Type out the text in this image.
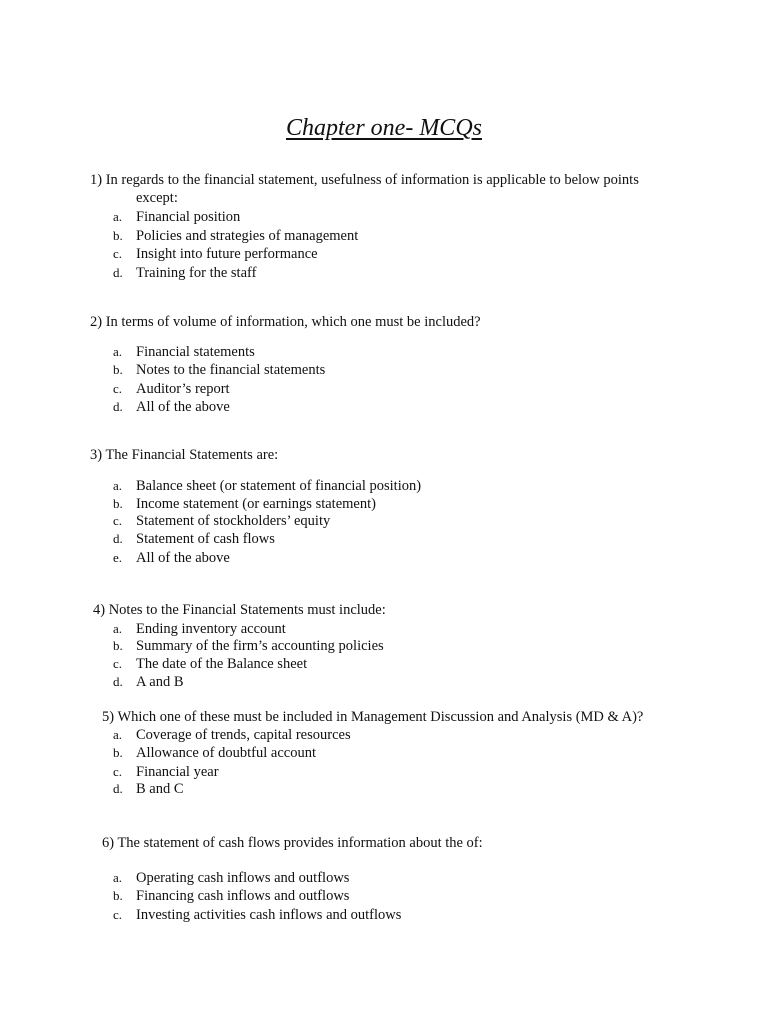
Chapter one- MCQs
1) In regards to the financial statement, usefulness of information is applicable to below points
except:
a. Financial position
b. Policies and strategies of management
c. Insight into future performance
d. Training for the staff
2) In terms of volume of information, which one must be included?
a. Financial statements
b. Notes to the financial statements
c. Auditor’s report
d. All of the above
3) The Financial Statements are:
a. Balance sheet (or statement of financial position)
b. Income statement (or earnings statement)
c. Statement of stockholders’ equity
d. Statement of cash flows
e. All of the above
4) Notes to the Financial Statements must include:
a. Ending inventory account
b. Summary of the firm’s accounting policies
c. The date of the Balance sheet
d. A and B
5) Which one of these must be included in Management Discussion and Analysis (MD & A)?
a. Coverage of trends, capital resources
b. Allowance of doubtful account
c. Financial year
d. B and C
6) The statement of cash flows provides information about the of:
a. Operating cash inflows and outflows
b. Financing cash inflows and outflows
c. Investing activities cash inflows and outflows
